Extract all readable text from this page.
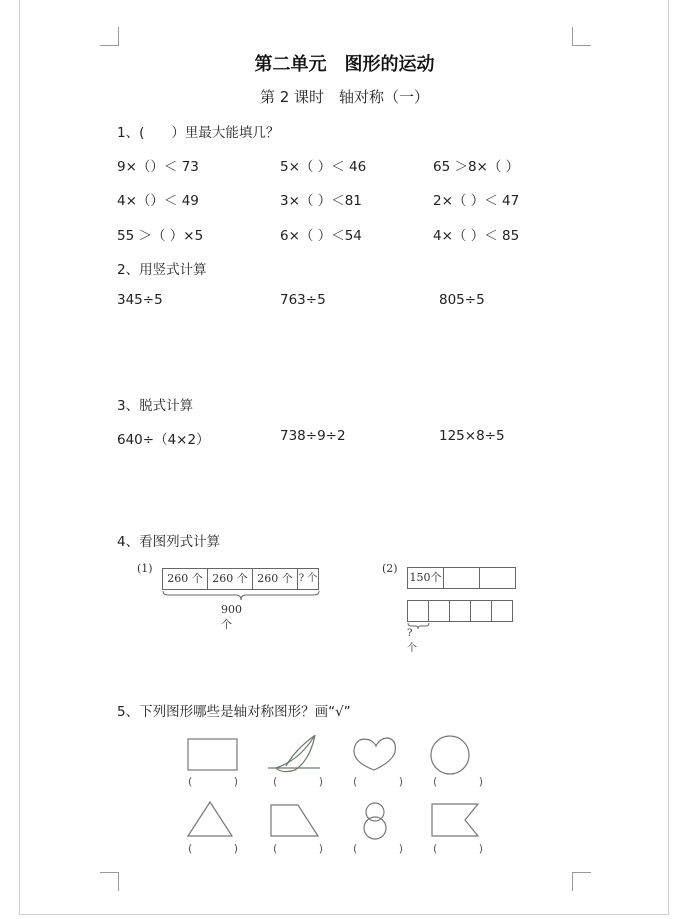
第二单元　图形的运动
第 2 课时　轴对称（一）
1、(　　）里最大能填几？
9×（）＜ 73	5×（ ）＜ 46	65 ＞8×（ ）
4×（）＜ 49	3×（ ）＜81	2×（ ）＜ 47
55 ＞（ ）×5	6×（ ）＜54	4×（ ）＜ 85
2、用竖式计算
345÷5	763÷5	805÷5
3、脱式计算
640÷（4×2）	738÷9÷2	125×8÷5
4、看图列式计算
(1)
260 个 260 个 260 个 ? 个
900 个
(2)
150个
? 个
5、下列图形哪些是轴对称图形？画“√”
(	)	(	)	(	)	(	)
(	)	(	)	(	)	(	)
